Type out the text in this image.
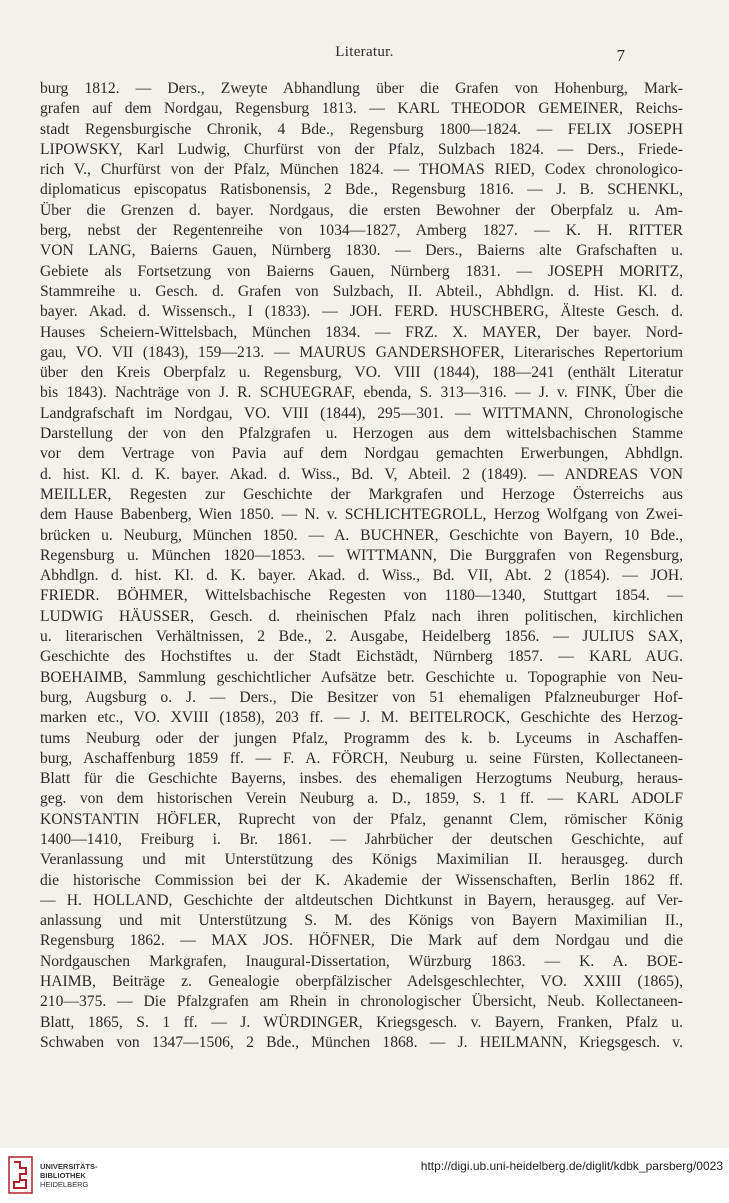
Literatur.	7
burg 1812. — Ders., Zweyte Abhandlung über die Grafen von Hohenburg, Mark-
grafen auf dem Nordgau, Regensburg 1813. — KARL THEODOR GEMEINER, Reichs-
stadt Regensburgische Chronik, 4 Bde., Regensburg 1800—1824. — FELIX JOSEPH
LIPOWSKY, Karl Ludwig, Churfürst von der Pfalz, Sulzbach 1824. — Ders., Friede-
rich V., Churfürst von der Pfalz, München 1824. — THOMAS RIED, Codex chronologico-
diplomaticus episcopatus Ratisbonensis, 2 Bde., Regensburg 1816. — J. B. SCHENKL,
Über die Grenzen d. bayer. Nordgaus, die ersten Bewohner der Oberpfalz u. Am-
berg, nebst der Regentenreihe von 1034—1827, Amberg 1827. — K. H. RITTER
VON LANG, Baierns Gauen, Nürnberg 1830. — Ders., Baierns alte Grafschaften u.
Gebiete als Fortsetzung von Baierns Gauen, Nürnberg 1831. — JOSEPH MORITZ,
Stammreihe u. Gesch. d. Grafen von Sulzbach, II. Abteil., Abhdlgn. d. Hist. Kl. d.
bayer. Akad. d. Wissensch., I (1833). — JOH. FERD. HUSCHBERG, Älteste Gesch. d.
Hauses Scheiern-Wittelsbach, München 1834. — FRZ. X. MAYER, Der bayer. Nord-
gau, VO. VII (1843), 159—213. — MAURUS GANDERSHOFER, Literarisches Repertorium
über den Kreis Oberpfalz u. Regensburg, VO. VIII (1844), 188—241 (enthält Literatur
bis 1843). Nachträge von J. R. SCHUEGRAF, ebenda, S. 313—316. — J. v. FINK, Über die
Landgrafschaft im Nordgau, VO. VIII (1844), 295—301. — WITTMANN, Chronologische
Darstellung der von den Pfalzgrafen u. Herzogen aus dem wittelsbachischen Stamme
vor dem Vertrage von Pavia auf dem Nordgau gemachten Erwerbungen, Abhdlgn.
d. hist. Kl. d. K. bayer. Akad. d. Wiss., Bd. V, Abteil. 2 (1849). — ANDREAS VON
MEILLER, Regesten zur Geschichte der Markgrafen und Herzoge Österreichs aus
dem Hause Babenberg, Wien 1850. — N. v. SCHLICHTEGROLL, Herzog Wolfgang von Zwei-
brücken u. Neuburg, München 1850. — A. BUCHNER, Geschichte von Bayern, 10 Bde.,
Regensburg u. München 1820—1853. — WITTMANN, Die Burggrafen von Regensburg,
Abhdlgn. d. hist. Kl. d. K. bayer. Akad. d. Wiss., Bd. VII, Abt. 2 (1854). — JOH.
FRIEDR. BÖHMER, Wittelsbachische Regesten von 1180—1340, Stuttgart 1854. —
LUDWIG HÄUSSER, Gesch. d. rheinischen Pfalz nach ihren politischen, kirchlichen
u. literarischen Verhältnissen, 2 Bde., 2. Ausgabe, Heidelberg 1856. — JULIUS SAX,
Geschichte des Hochstiftes u. der Stadt Eichstädt, Nürnberg 1857. — KARL AUG.
BOEHAIMB, Sammlung geschichtlicher Aufsätze betr. Geschichte u. Topographie von Neu-
burg, Augsburg o. J. — Ders., Die Besitzer von 51 ehemaligen Pfalzneuburger Hof-
marken etc., VO. XVIII (1858), 203 ff. — J. M. BEITELROCK, Geschichte des Herzog-
tums Neuburg oder der jungen Pfalz, Programm des k. b. Lyceums in Aschaffen-
burg, Aschaffenburg 1859 ff. — F. A. FÖRCH, Neuburg u. seine Fürsten, Kollectaneen-
Blatt für die Geschichte Bayerns, insbes. des ehemaligen Herzogtums Neuburg, heraus-
geg. von dem historischen Verein Neuburg a. D., 1859, S. 1 ff. — KARL ADOLF
KONSTANTIN HÖFLER, Ruprecht von der Pfalz, genannt Clem, römischer König
1400—1410, Freiburg i. Br. 1861. — Jahrbücher der deutschen Geschichte, auf
Veranlassung und mit Unterstützung des Königs Maximilian II. herausgeg. durch
die historische Commission bei der K. Akademie der Wissenschaften, Berlin 1862 ff.
— H. HOLLAND, Geschichte der altdeutschen Dichtkunst in Bayern, herausgeg. auf Ver-
anlassung und mit Unterstützung S. M. des Königs von Bayern Maximilian II.,
Regensburg 1862. — MAX JOS. HÖFNER, Die Mark auf dem Nordgau und die
Nordgauschen Markgrafen, Inaugural-Dissertation, Würzburg 1863. — K. A. BOE-
HAIMB, Beiträge z. Genealogie oberpfälzischer Adelsgeschlechter, VO. XXIII (1865),
210—375. — Die Pfalzgrafen am Rhein in chronologischer Übersicht, Neub. Kollectaneen-
Blatt, 1865, S. 1 ff. — J. WÜRDINGER, Kriegsgesch. v. Bayern, Franken, Pfalz u.
Schwaben von 1347—1506, 2 Bde., München 1868. — J. HEILMANN, Kriegsgesch. v.
UNIVERSITÄTS-
BIBLIOTHEK
HEIDELBERG
http://digi.ub.uni-heidelberg.de/diglit/kdbk_parsberg/0023
